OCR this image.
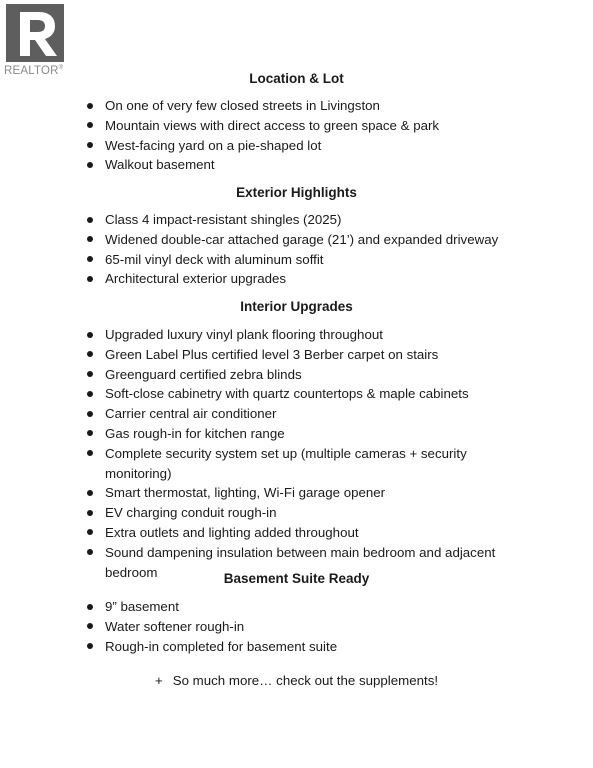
REALTOR®
Location & Lot
On one of very few closed streets in Livingston
Mountain views with direct access to green space & park
West-facing yard on a pie-shaped lot
Walkout basement
Exterior Highlights
Class 4 impact-resistant shingles (2025)
Widened double-car attached garage (21’) and expanded driveway
65-mil vinyl deck with aluminum soffit
Architectural exterior upgrades
Interior Upgrades
Upgraded luxury vinyl plank flooring throughout
Green Label Plus certified level 3 Berber carpet on stairs
Greenguard certified zebra blinds
Soft-close cabinetry with quartz countertops & maple cabinets
Carrier central air conditioner
Gas rough-in for kitchen range
Complete security system set up (multiple cameras + security monitoring)
Smart thermostat, lighting, Wi-Fi garage opener
EV charging conduit rough-in
Extra outlets and lighting added throughout
Sound dampening insulation between main bedroom and adjacent bedroom	Basement Suite Ready
9” basement
Water softener rough-in
Rough-in completed for basement suite
+ So much more… check out the supplements!
